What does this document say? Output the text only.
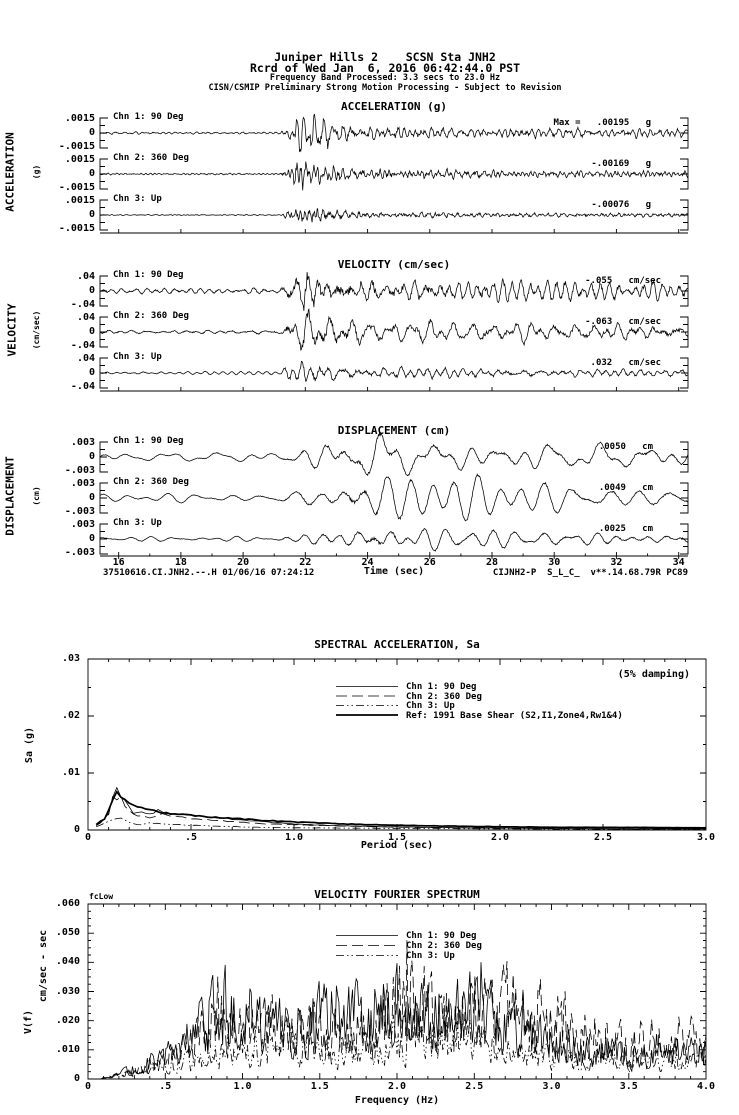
Juniper Hills 2    SCSN Sta JNH2
Rcrd of Wed Jan  6, 2016 06:42:44.0 PST
Frequency Band Processed: 3.3 secs to 23.0 Hz
CISN/CSMIP Preliminary Strong Motion Processing - Subject to Revision
ACCELERATION (g)
VELOCITY (cm/sec)
DISPLACEMENT (cm)
ACCELERATION (g)
VELOCITY (cm/sec)
DISPLACEMENT (cm)
SPECTRAL ACCELERATION, Sa
VELOCITY FOURIER SPECTRUM
Time (sec)
37510616.CI.JNH2.--.H 01/06/16 07:24:12	CIJNH2-P  S_L_C_  v**.14.68.79R PC89
Sa (g)
(5% damping)
Period (sec)
cm/sec - sec
V(f)
fcLow
Frequency (Hz)
.0015
0
-.0015
Chn 1: 90 Deg
Max =   .00195   g
.0015
0
-.0015
Chn 2: 360 Deg
-.00169   g
.0015
0
-.0015
Chn 3: Up
-.00076   g
.04
0
-.04
Chn 1: 90 Deg
-.055   cm/sec
.04
0
-.04
Chn 2: 360 Deg
-.063   cm/sec
.04
0
-.04
Chn 3: Up
.032   cm/sec
.003
0
-.003
Chn 1: 90 Deg
.0050   cm
.003
0
-.003
Chn 2: 360 Deg
.0049   cm
.003
0
-.003
Chn 3: Up
.0025   cm
16	18	20	22	24	26	28	30	32	34
0	.5	1.0	1.5	2.0	2.5	3.0
.03
.02
.01
0
Chn 1: 90 Deg
Chn 2: 360 Deg
Chn 3: Up
Ref: 1991 Base Shear (S2,I1,Zone4,Rw1&4)
0	.5	1.0	1.5	2.0	2.5	3.0	3.5	4.0
.060
.050
.040
.030
.020
.010
0
Chn 1: 90 Deg
Chn 2: 360 Deg
Chn 3: Up
